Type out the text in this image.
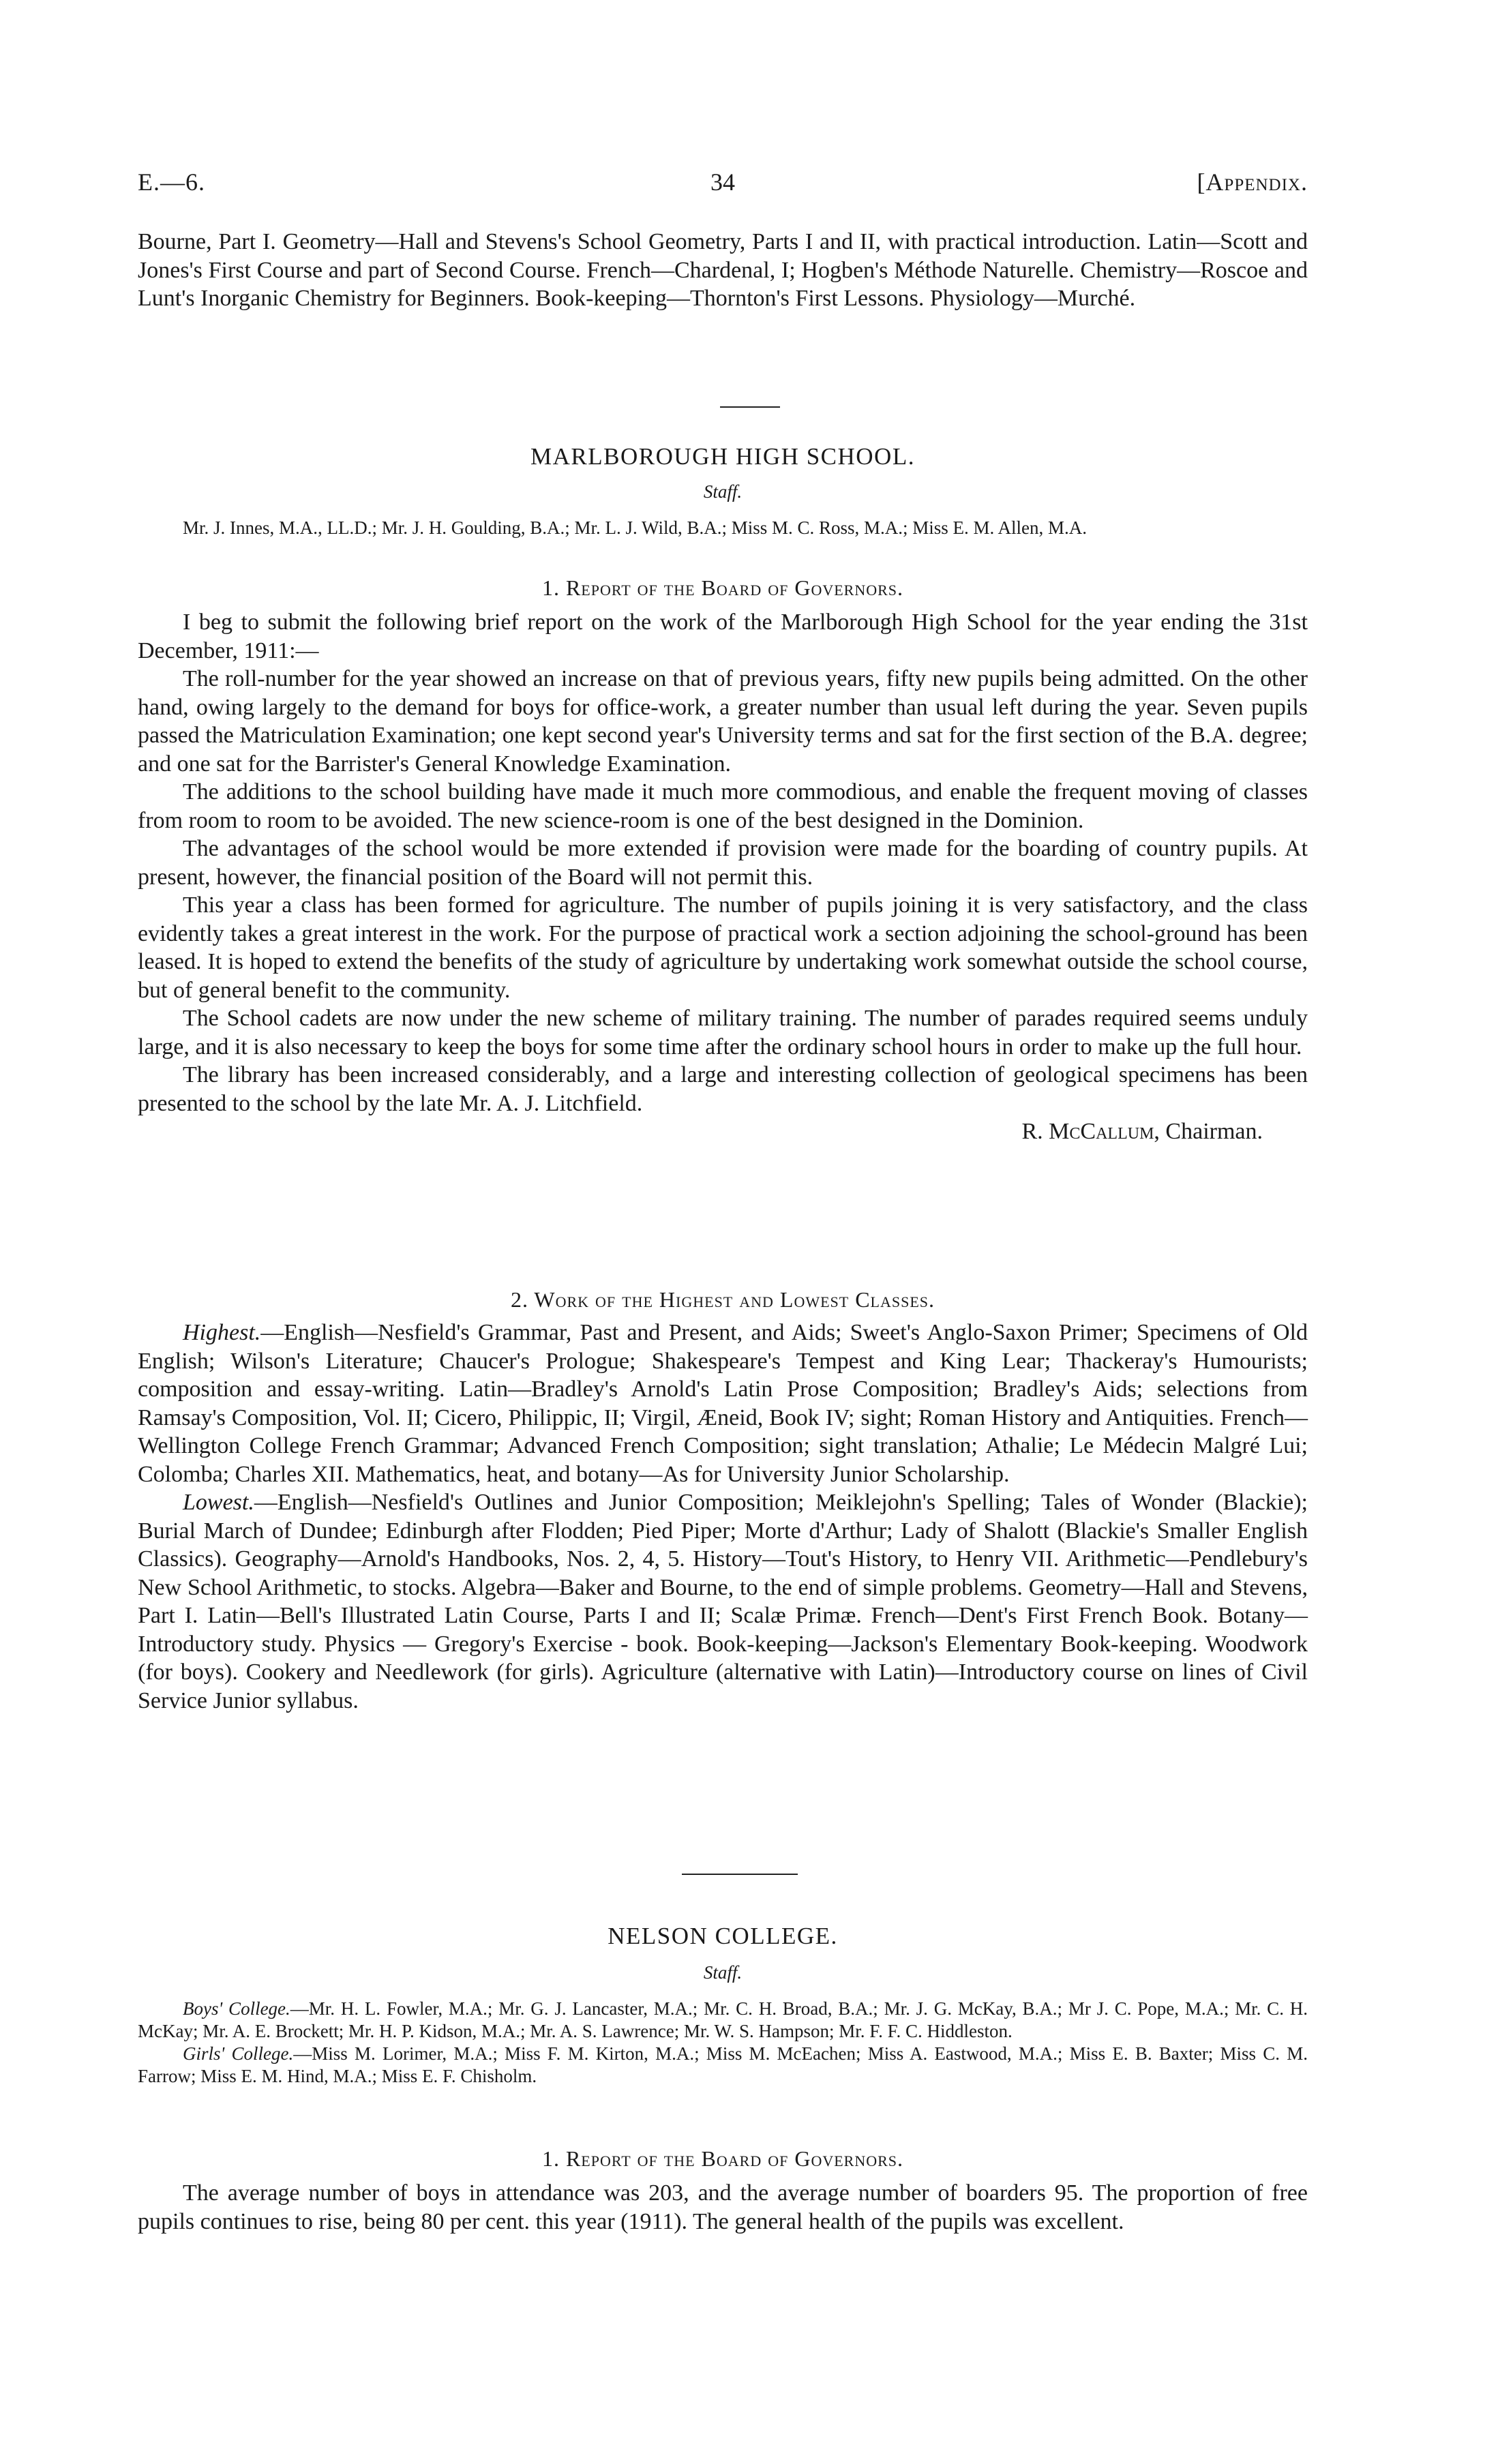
E.—6.	34	[Appendix.

Bourne, Part I. Geometry—Hall and Stevens's School Geometry, Parts I and II, with practical introduction. Latin—Scott and Jones's First Course and part of Second Course. French—Chardenal, I; Hogben's Méthode Naturelle. Chemistry—Roscoe and Lunt's Inorganic Chemistry for Beginners. Book-keeping—Thornton's First Lessons. Physiology—Murché.

MARLBOROUGH HIGH SCHOOL.
Staff.

Mr. J. Innes, M.A., LL.D.; Mr. J. H. Goulding, B.A.; Mr. L. J. Wild, B.A.; Miss M. C. Ross, M.A.; Miss E. M. Allen, M.A.

1. Report of the Board of Governors.

I beg to submit the following brief report on the work of the Marlborough High School for the year ending the 31st December, 1911:—

The roll-number for the year showed an increase on that of previous years, fifty new pupils being admitted. On the other hand, owing largely to the demand for boys for office-work, a greater number than usual left during the year. Seven pupils passed the Matriculation Examination; one kept second year's University terms and sat for the first section of the B.A. degree; and one sat for the Barrister's General Knowledge Examination.

The additions to the school building have made it much more commodious, and enable the frequent moving of classes from room to room to be avoided. The new science-room is one of the best designed in the Dominion.

The advantages of the school would be more extended if provision were made for the boarding of country pupils. At present, however, the financial position of the Board will not permit this.

This year a class has been formed for agriculture. The number of pupils joining it is very satisfactory, and the class evidently takes a great interest in the work. For the purpose of practical work a section adjoining the school-ground has been leased. It is hoped to extend the benefits of the study of agriculture by undertaking work somewhat outside the school course, but of general benefit to the community.

The School cadets are now under the new scheme of military training. The number of parades required seems unduly large, and it is also necessary to keep the boys for some time after the ordinary school hours in order to make up the full hour.

The library has been increased considerably, and a large and interesting collection of geological specimens has been presented to the school by the late Mr. A. J. Litchfield.

R. McCallum, Chairman.

2. Work of the Highest and Lowest Classes.

Highest.—English—Nesfield's Grammar, Past and Present, and Aids; Sweet's Anglo-Saxon Primer; Specimens of Old English; Wilson's Literature; Chaucer's Prologue; Shakespeare's Tempest and King Lear; Thackeray's Humourists; composition and essay-writing. Latin—Bradley's Arnold's Latin Prose Composition; Bradley's Aids; selections from Ramsay's Composition, Vol. II; Cicero, Philippic, II; Virgil, Æneid, Book IV; sight; Roman History and Antiquities. French—Wellington College French Grammar; Advanced French Composition; sight translation; Athalie; Le Médecin Malgré Lui; Colomba; Charles XII. Mathematics, heat, and botany—As for University Junior Scholarship.

Lowest.—English—Nesfield's Outlines and Junior Composition; Meiklejohn's Spelling; Tales of Wonder (Blackie); Burial March of Dundee; Edinburgh after Flodden; Pied Piper; Morte d'Arthur; Lady of Shalott (Blackie's Smaller English Classics). Geography—Arnold's Handbooks, Nos. 2, 4, 5. History—Tout's History, to Henry VII. Arithmetic—Pendlebury's New School Arithmetic, to stocks. Algebra—Baker and Bourne, to the end of simple problems. Geometry—Hall and Stevens, Part I. Latin—Bell's Illustrated Latin Course, Parts I and II; Scalæ Primæ. French—Dent's First French Book. Botany—Introductory study. Physics — Gregory's Exercise - book. Book-keeping—Jackson's Elementary Book-keeping. Woodwork (for boys). Cookery and Needlework (for girls). Agriculture (alternative with Latin)—Introductory course on lines of Civil Service Junior syllabus.

NELSON COLLEGE.
Staff.

Boys' College.—Mr. H. L. Fowler, M.A.; Mr. G. J. Lancaster, M.A.; Mr. C. H. Broad, B.A.; Mr. J. G. McKay, B.A.; Mr J. C. Pope, M.A.; Mr. C. H. McKay; Mr. A. E. Brockett; Mr. H. P. Kidson, M.A.; Mr. A. S. Lawrence; Mr. W. S. Hampson; Mr. F. F. C. Hiddleston.

Girls' College.—Miss M. Lorimer, M.A.; Miss F. M. Kirton, M.A.; Miss M. McEachen; Miss A. Eastwood, M.A.; Miss E. B. Baxter; Miss C. M. Farrow; Miss E. M. Hind, M.A.; Miss E. F. Chisholm.

1. Report of the Board of Governors.

The average number of boys in attendance was 203, and the average number of boarders 95. The proportion of free pupils continues to rise, being 80 per cent. this year (1911). The general health of the pupils was excellent.
